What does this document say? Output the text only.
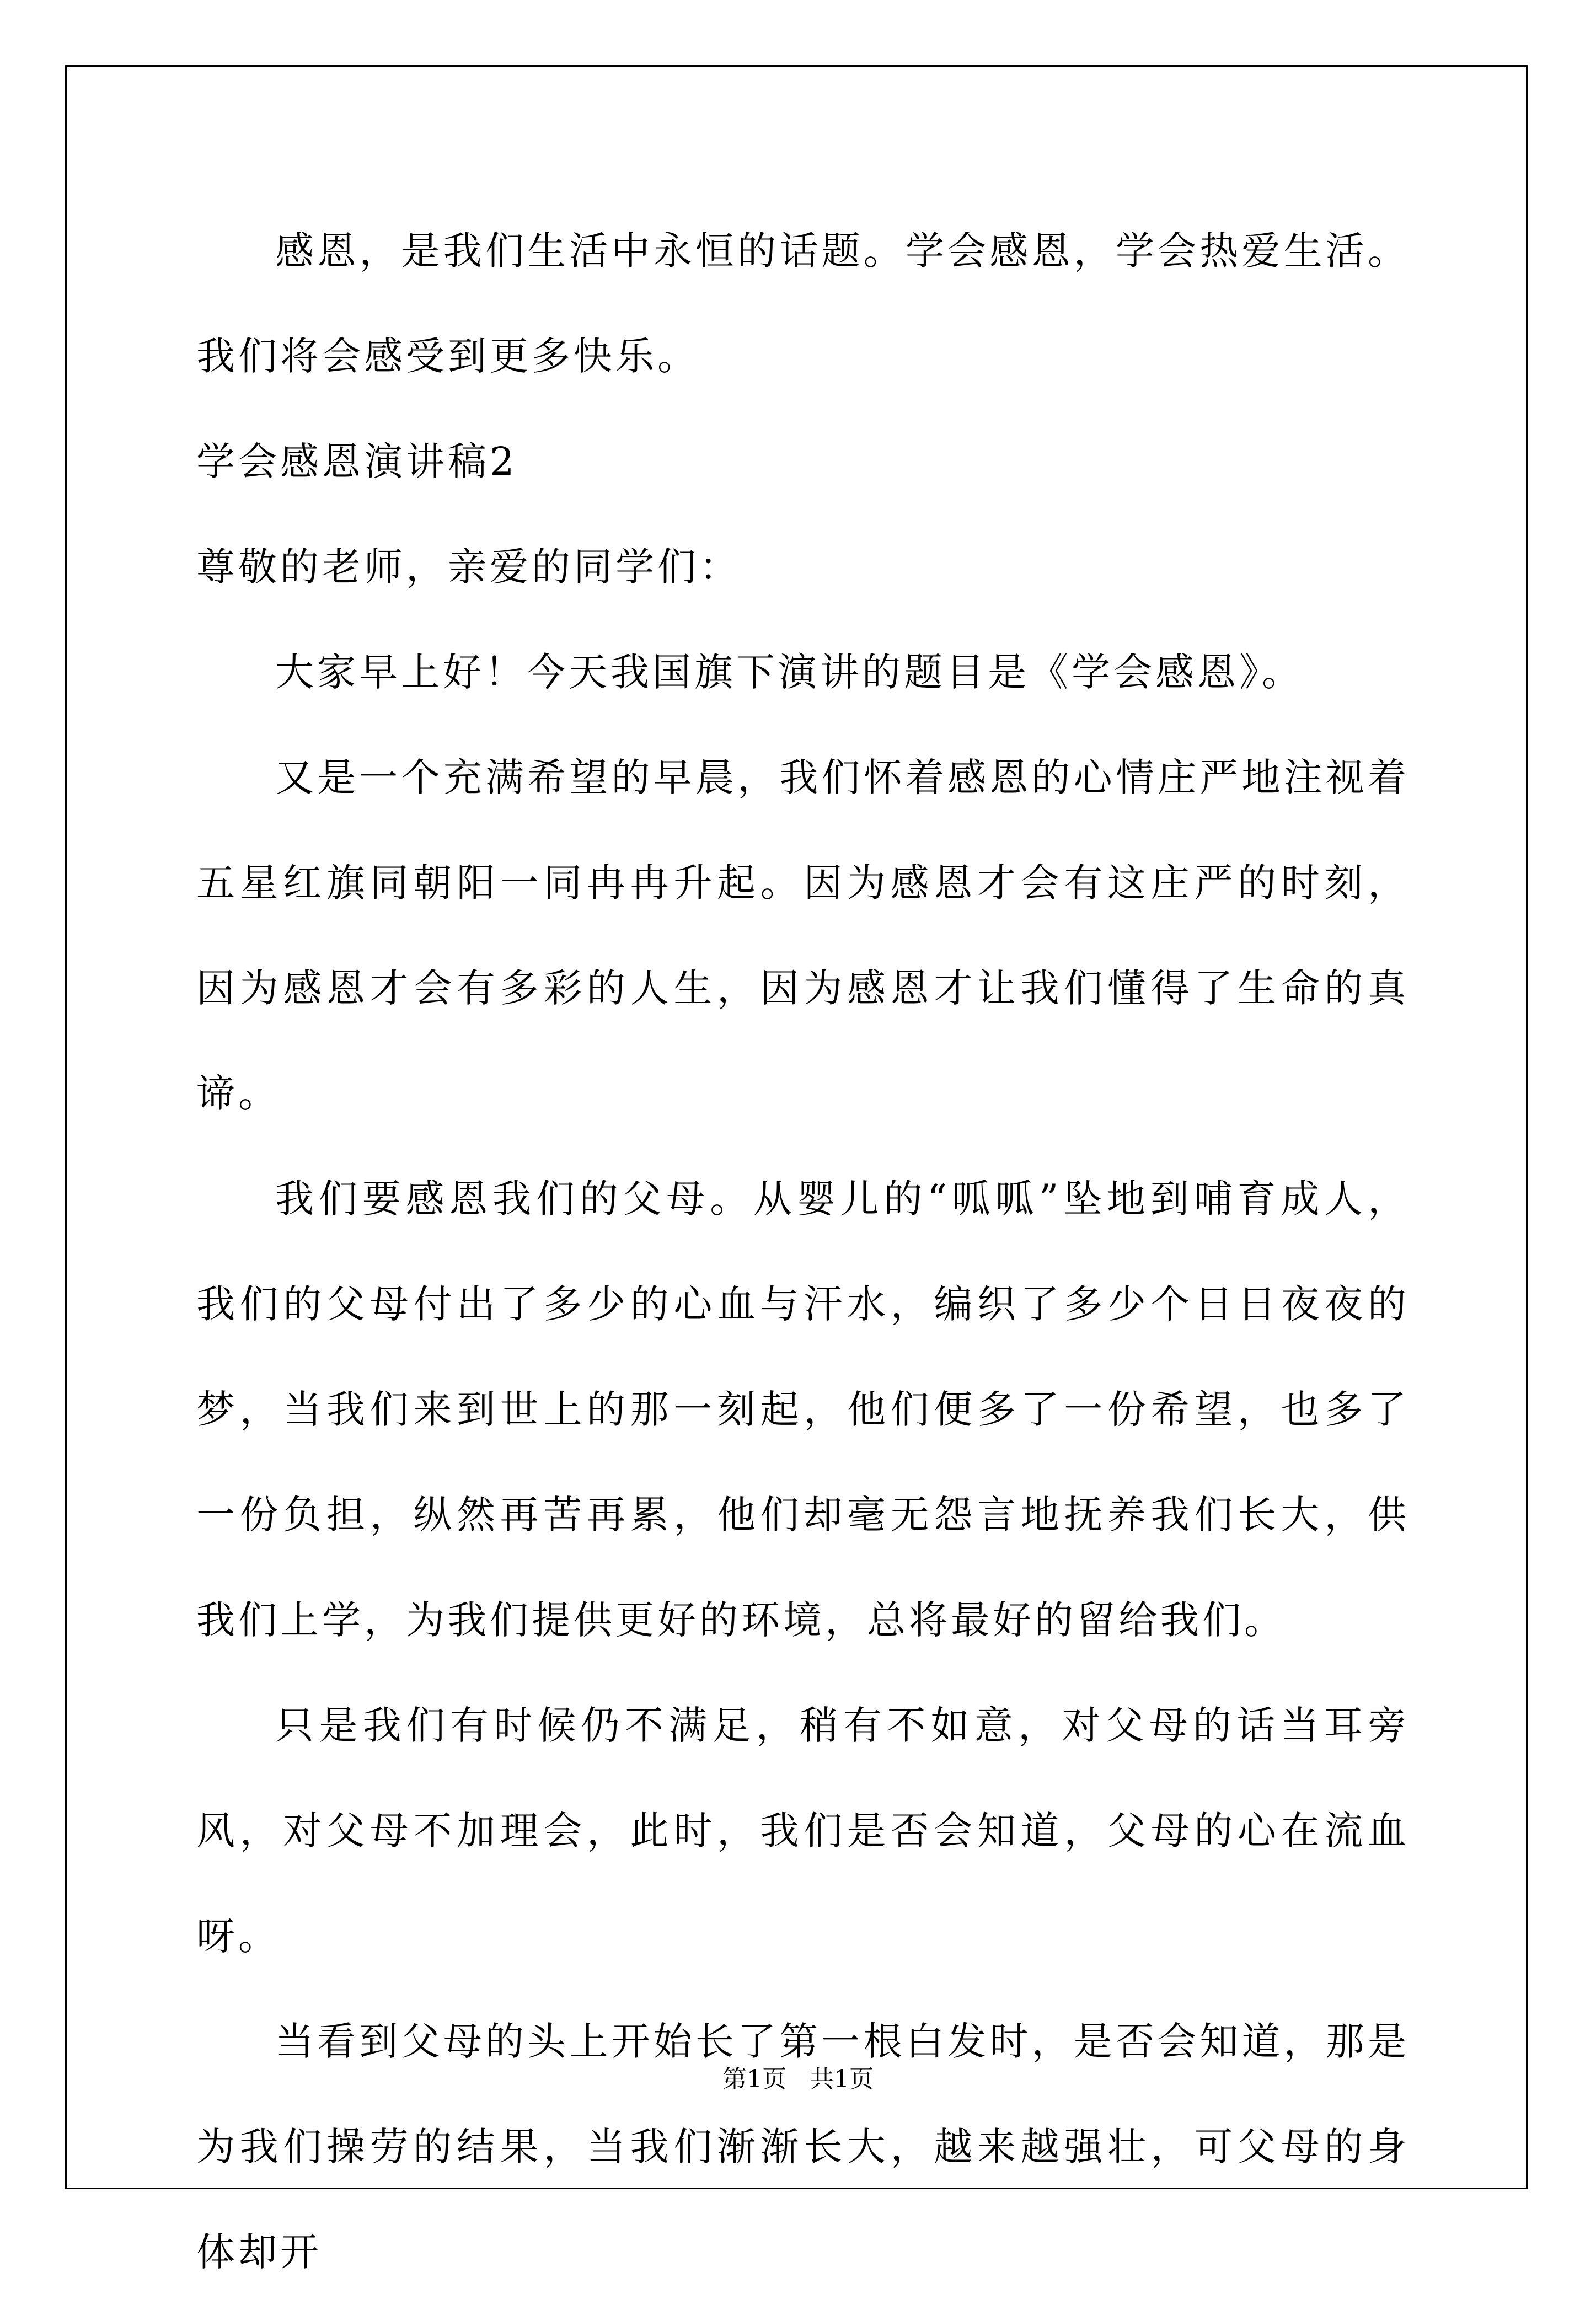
感恩，是我们生活中永恒的话题。学会感恩，学会热爱生活。我们将会感受到更多快乐。

学会感恩演讲稿2

尊敬的老师，亲爱的同学们：

大家早上好！今天我国旗下演讲的题目是《学会感恩》。

又是一个充满希望的早晨，我们怀着感恩的心情庄严地注视着五星红旗同朝阳一同冉冉升起。因为感恩才会有这庄严的时刻，因为感恩才会有多彩的人生，因为感恩才让我们懂得了生命的真谛。

我们要感恩我们的父母。从婴儿的“呱呱”坠地到哺育成人，我们的父母付出了多少的心血与汗水，编织了多少个日日夜夜的梦，当我们来到世上的那一刻起，他们便多了一份希望，也多了一份负担，纵然再苦再累，他们却毫无怨言地抚养我们长大，供我们上学，为我们提供更好的环境，总将最好的留给我们。

只是我们有时候仍不满足，稍有不如意，对父母的话当耳旁风，对父母不加理会，此时，我们是否会知道，父母的心在流血呀。

当看到父母的头上开始长了第一根白发时，是否会知道，那是为我们操劳的结果，当我们渐渐长大，越来越强壮，可父母的身体却开

第1页   共1页
